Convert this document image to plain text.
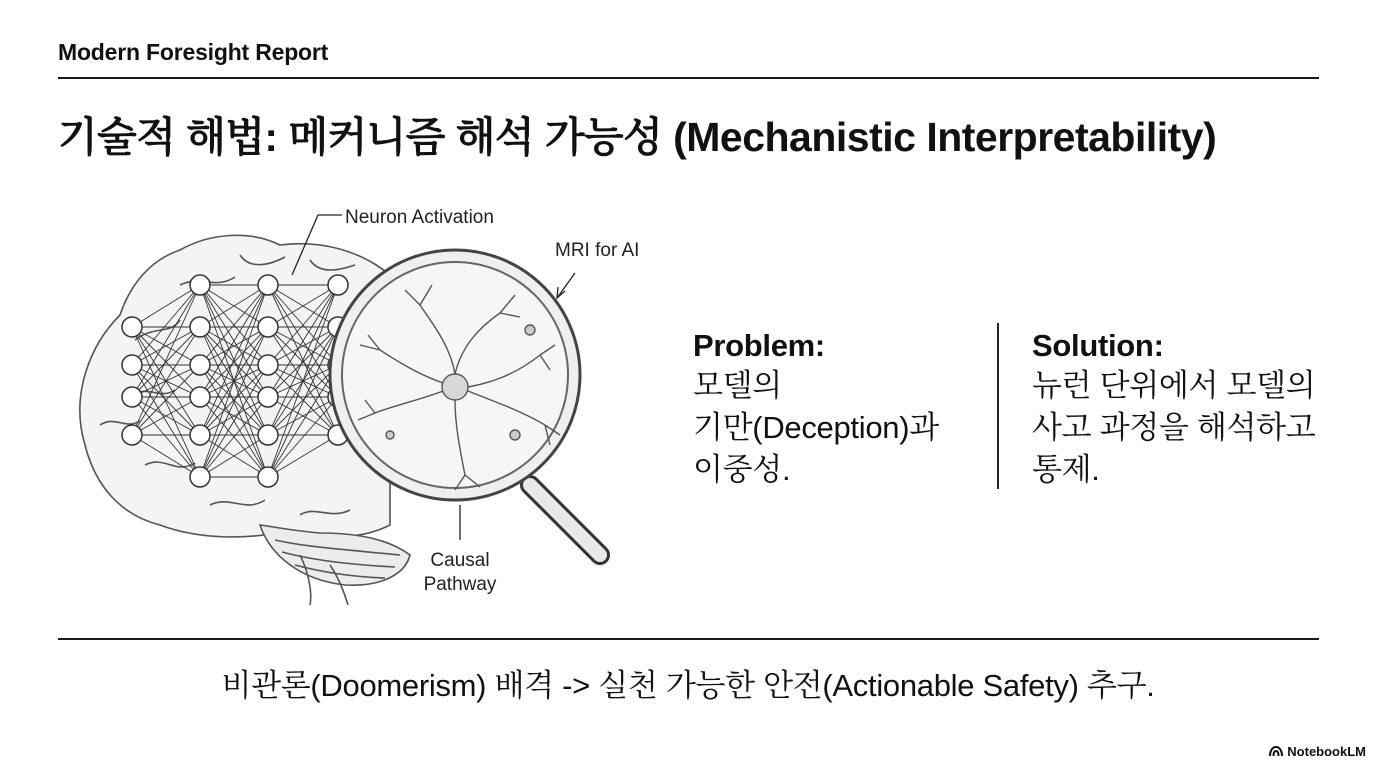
Modern Foresight Report
기술적 해법: 메커니즘 해석 가능성 (Mechanistic Interpretability)
Neuron Activation
MRI for AI
Causal
Pathway
Problem:
모델의
기만(Deception)과
이중성.
Solution:
뉴런 단위에서 모델의
사고 과정을 해석하고
통제.
비관론(Doomerism) 배격 -> 실천 가능한 안전(Actionable Safety) 추구.
NotebookLM
